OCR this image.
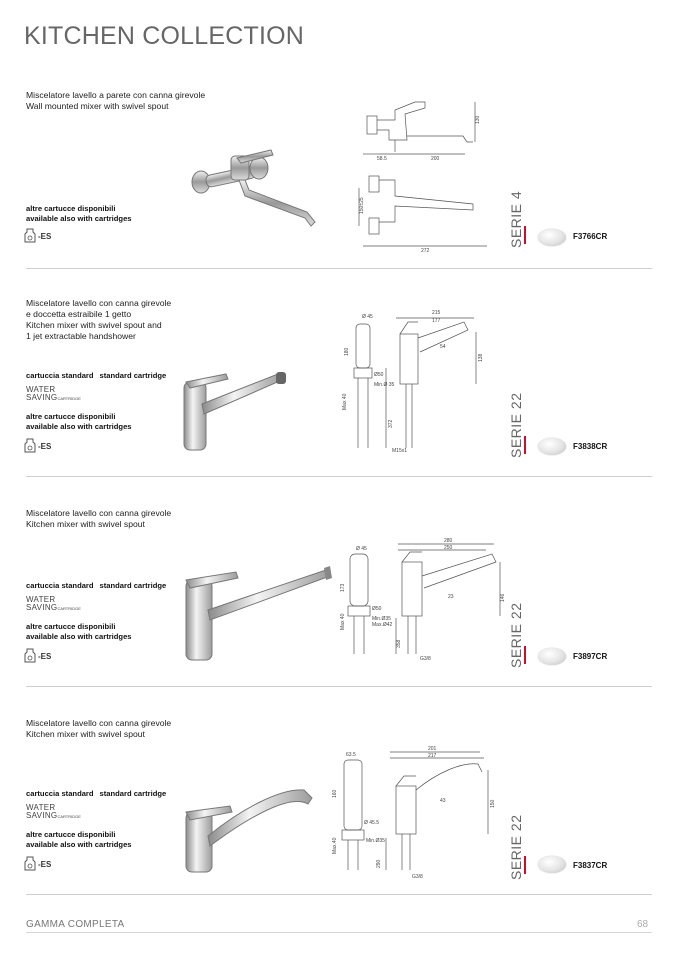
KITCHEN COLLECTION
Miscelatore lavello a parete con canna girevole
Wall mounted mixer with swivel spout
altre cartucce disponibili
available also with cartridges
-ES
130
200
58.5
150±25
272
SERIE 4	F3766CR
Miscelatore lavello con canna girevole
e doccetta estraibile 1 getto
Kitchen mixer with swivel spout and
1 jet extractable handshower
cartuccia standard standard cartridge
WATER
SAVINGCARTRIDGE
altre cartucce disponibili
available also with cartridges
-ES
Ø 45
215
177
180
138
54
Ø50
Min.Ø 35
Max 40
372
M15x1	SERIE 22	F3838CR
Miscelatore lavello con canna girevole
Kitchen mixer with swivel spout
cartuccia standard standard cartridge
WATER
SAVINGCARTRIDGE
altre cartucce disponibili
available also with cartridges
-ES
Ø 45
280
250
173
146
23
Ø50
Min.Ø35
Max.Ø42
Max 40
358
G3/8	SERIE 22	F3897CR
Miscelatore lavello con canna girevole
Kitchen mixer with swivel spout
cartuccia standard standard cartridge
WATER
SAVINGCARTRIDGE
altre cartucce disponibili
available also with cartridges
-ES
63.5
201
217
160
150
43
Ø 45.5
Min.Ø35
Max.40
290
G3/8	SERIE 22	F3837CR
GAMMA COMPLETA	68
